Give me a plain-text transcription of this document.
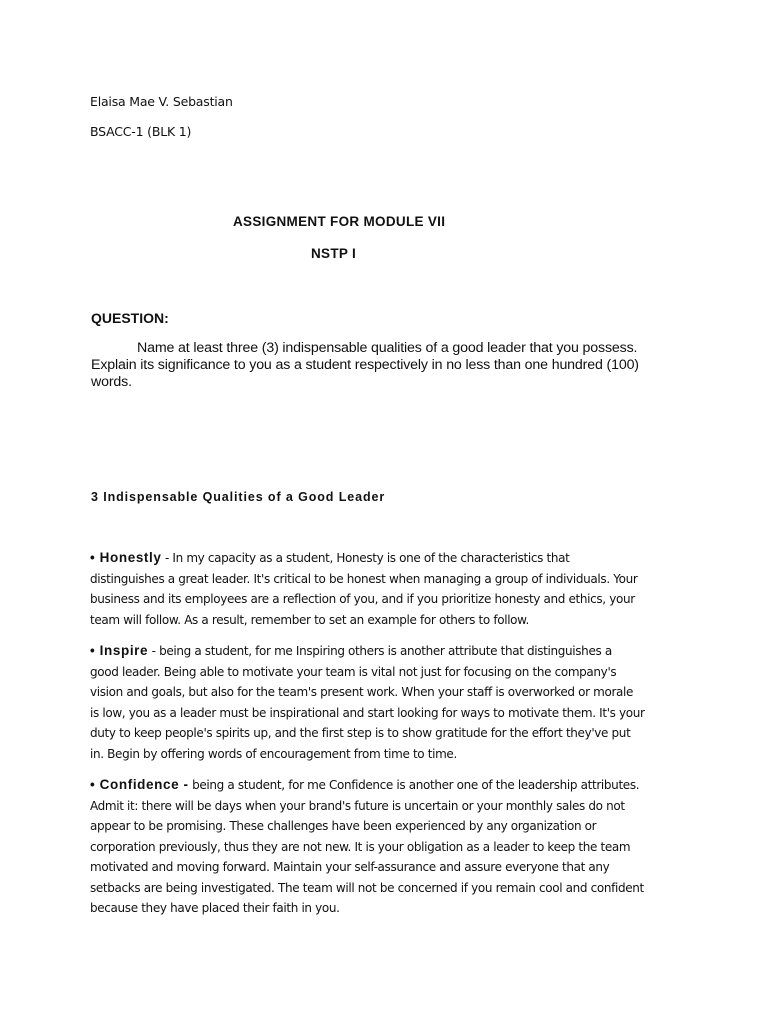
Elaisa Mae V. Sebastian
BSACC-1 (BLK 1)
ASSIGNMENT FOR MODULE VII
NSTP I
QUESTION:
Name at least three (3) indispensable qualities of a good leader that you possess.
Explain its significance to you as a student respectively in no less than one hundred (100)
words.
3 Indispensable Qualities of a Good Leader
• Honestly - In my capacity as a student, Honesty is one of the characteristics that
distinguishes a great leader. It's critical to be honest when managing a group of individuals. Your
business and its employees are a reflection of you, and if you prioritize honesty and ethics, your
team will follow. As a result, remember to set an example for others to follow.
• Inspire - being a student, for me Inspiring others is another attribute that distinguishes a
good leader. Being able to motivate your team is vital not just for focusing on the company's
vision and goals, but also for the team's present work. When your staff is overworked or morale
is low, you as a leader must be inspirational and start looking for ways to motivate them. It's your
duty to keep people's spirits up, and the first step is to show gratitude for the effort they've put
in. Begin by offering words of encouragement from time to time.
• Confidence - being a student, for me Confidence is another one of the leadership attributes.
Admit it: there will be days when your brand's future is uncertain or your monthly sales do not
appear to be promising. These challenges have been experienced by any organization or
corporation previously, thus they are not new. It is your obligation as a leader to keep the team
motivated and moving forward. Maintain your self-assurance and assure everyone that any
setbacks are being investigated. The team will not be concerned if you remain cool and confident
because they have placed their faith in you.
